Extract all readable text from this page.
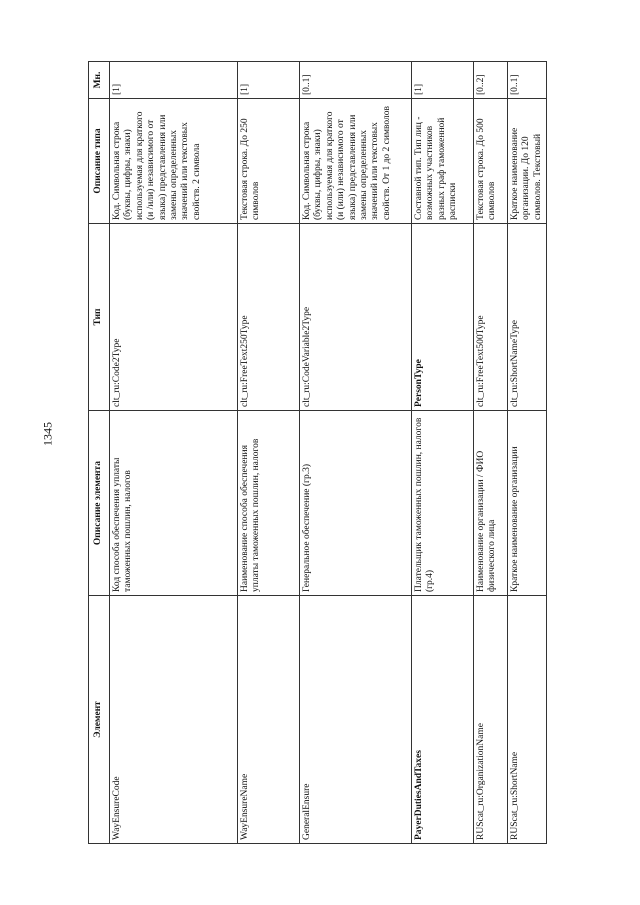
1345
Элемент	Описание элемента	Тип	Описание типа	Мн.
WayEnsureCode	Код способа обеспечения уплаты таможенных пошлин, налогов	clt_ru:Code2Type	Код. Символьная строка (буквы, цифры, знаки) используемая для краткого (и /или) независимого от языка) представления или замены определенных значений или текстовых свойств. 2 символа	[1]
WayEnsureName	Наименование способа обеспечения уплаты таможенных пошлин, налогов	clt_ru:FreeText250Type	Текстовая строка. До 250 символов	[1]
GeneralEnsure	Генеральное обеспечение (гр.3)	clt_ru:CodeVariable2Type	Код. Символьная строка (буквы, цифры, знаки) используемая для краткого (и (или) независимого от языка) представления или замены определенных значений или текстовых свойств. От 1 до 2 символов	[0..1]
PayerDutiesAndTaxes	Плательщик таможенных пошлин, налогов (гр.4)	PersonType	Составной тип. Тип лиц - возможных участников разных граф таможенной расписки	[1]
RUScat_ru:OrganizationName	Наименование организации / ФИО физического лица	clt_ru:FreeText500Type	Текстовая строка. До 500 символов	[0..2]
RUScat_ru:ShortName	Краткое наименование организации	clt_ru:ShortNameType	Краткое наименование организации. До 120 символов. Текстовый	[0..1]
